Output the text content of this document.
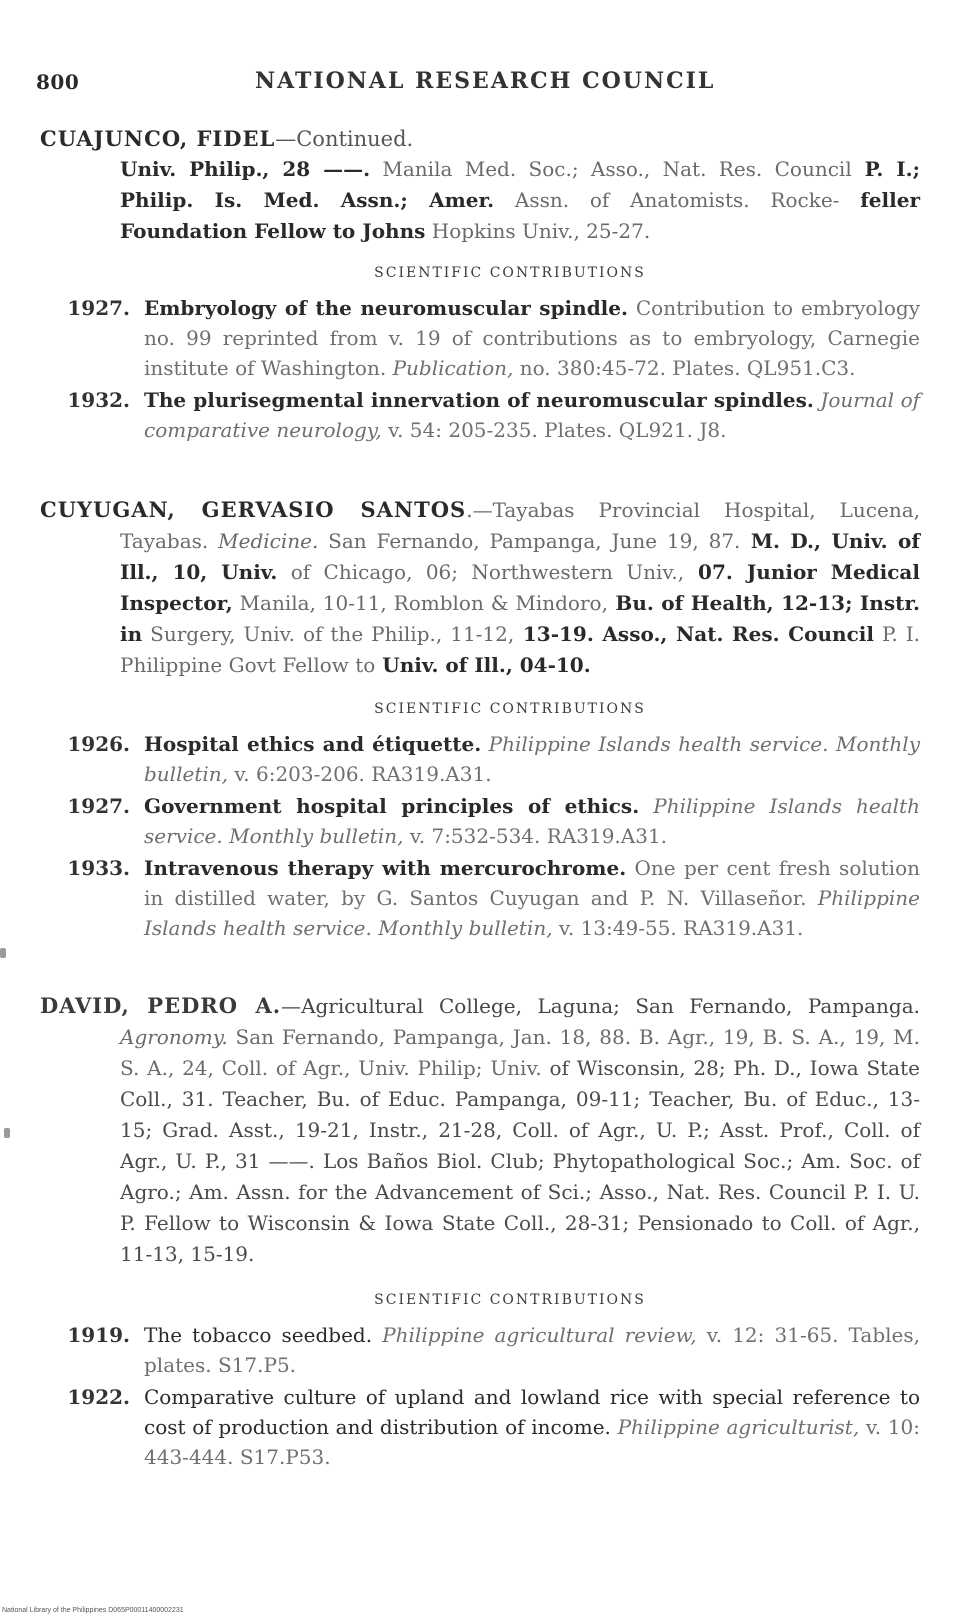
800	NATIONAL RESEARCH COUNCIL
CUAJUNCO, FIDEL—Continued.
Univ. Philip., 28 ——. Manila Med. Soc.; Asso., Nat. Res. Council P. I.; Philip. Is. Med. Assn.; Amer. Assn. of Anatomists. Rocke- feller Foundation Fellow to Johns Hopkins Univ., 25-27.
SCIENTIFIC CONTRIBUTIONS
1927. Embryology of the neuromuscular spindle. Contribution to embryology no. 99 reprinted from v. 19 of contributions as to embryology, Carnegie institute of Washington. Publication, no. 380:45-72. Plates. QL951.C3.
1932. The plurisegmental innervation of neuromuscular spindles. Journal of comparative neurology, v. 54: 205-235. Plates. QL921. J8.
CUYUGAN, GERVASIO SANTOS.—Tayabas Provincial Hospital, Lucena, Tayabas. Medicine. San Fernando, Pampanga, June 19, 87. M. D., Univ. of Ill., 10, Univ. of Chicago, 06; Northwestern Univ., 07. Junior Medical Inspector, Manila, 10-11, Romblon & Mindoro, Bu. of Health, 12-13; Instr. in Surgery, Univ. of the Philip., 11-12, 13-19. Asso., Nat. Res. Council P. I. Philippine Govt Fellow to Univ. of Ill., 04-10.
SCIENTIFIC CONTRIBUTIONS
1926. Hospital ethics and étiquette. Philippine Islands health service. Monthly bulletin, v. 6:203-206. RA319.A31.
1927. Government hospital principles of ethics. Philippine Islands health service. Monthly bulletin, v. 7:532-534. RA319.A31.
1933. Intravenous therapy with mercurochrome. One per cent fresh solution in distilled water, by G. Santos Cuyugan and P. N. Villaseñor. Philippine Islands health service. Monthly bulletin, v. 13:49-55. RA319.A31.
DAVID, PEDRO A.—Agricultural College, Laguna; San Fernando, Pampanga. Agronomy. San Fernando, Pampanga, Jan. 18, 88. B. Agr., 19, B. S. A., 19, M. S. A., 24, Coll. of Agr., Univ. Philip; Univ. of Wisconsin, 28; Ph. D., Iowa State Coll., 31. Teacher, Bu. of Educ. Pampanga, 09-11; Teacher, Bu. of Educ., 13-15; Grad. Asst., 19-21, Instr., 21-28, Coll. of Agr., U. P.; Asst. Prof., Coll. of Agr., U. P., 31 ——. Los Baños Biol. Club; Phytopathological Soc.; Am. Soc. of Agro.; Am. Assn. for the Advancement of Sci.; Asso., Nat. Res. Council P. I. U. P. Fellow to Wisconsin & Iowa State Coll., 28-31; Pensionado to Coll. of Agr., 11-13, 15-19.
SCIENTIFIC CONTRIBUTIONS
1919. The tobacco seedbed. Philippine agricultural review, v. 12: 31-65. Tables, plates. S17.P5.
1922. Comparative culture of upland and lowland rice with special reference to cost of production and distribution of income. Philippine agriculturist, v. 10: 443-444. S17.P53.
National Library of the Philippines D065P00011400002231
